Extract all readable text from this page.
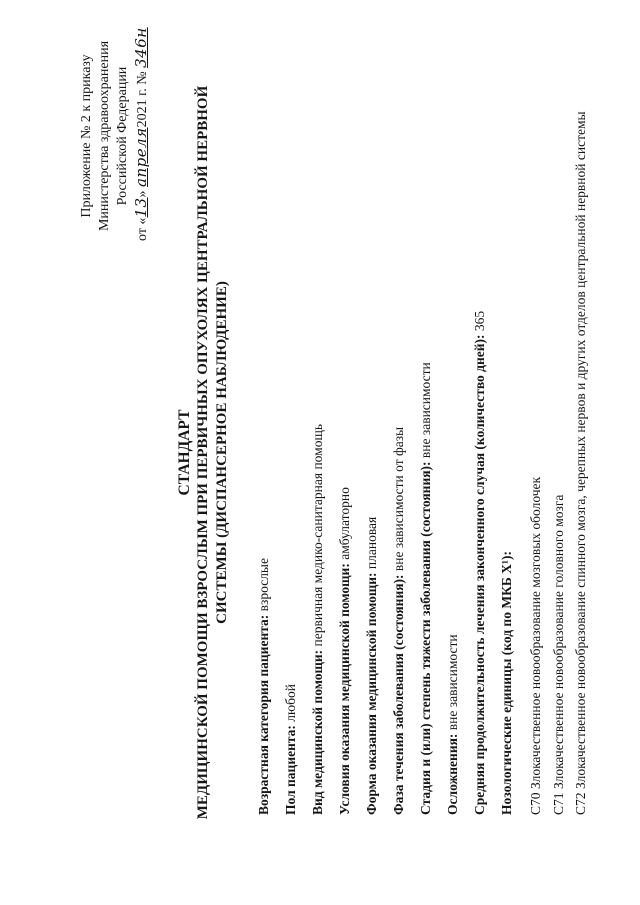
Приложение № 2 к приказу Министерства здравоохранения Российской Федерации
от «13» апреля2021 г. № 346н
СТАНДАРТ МЕДИЦИНСКОЙ ПОМОЩИ ВЗРОСЛЫМ ПРИ ПЕРВИЧНЫХ ОПУХОЛЯХ ЦЕНТРАЛЬНОЙ НЕРВНОЙ СИСТЕМЫ (ДИСПАНСЕРНОЕ НАБЛЮДЕНИЕ)
Возрастная категория пациента: взрослые
Пол пациента: любой Вид медицинской помощи: первичная медико-санитарная помощь
Условия оказания медицинской помощи: амбулаторно
Форма оказания медицинской помощи: плановая
Фаза течения заболевания (состояния): вне зависимости от фазы Стадия и (или) степень тяжести заболевания (состояния): вне зависимости
Осложнения: вне зависимости Средняя продолжительность лечения законченного случая (количество дней): 365
Нозологические единицы (код по МКБ X¹):	C70
Злокачественное новообразование мозговых оболочек
C71
Злокачественное новообразование головного мозга
C72
Злокачественное новообразование спинного мозга, черепных нервов и других отделов центральной нервной системы
